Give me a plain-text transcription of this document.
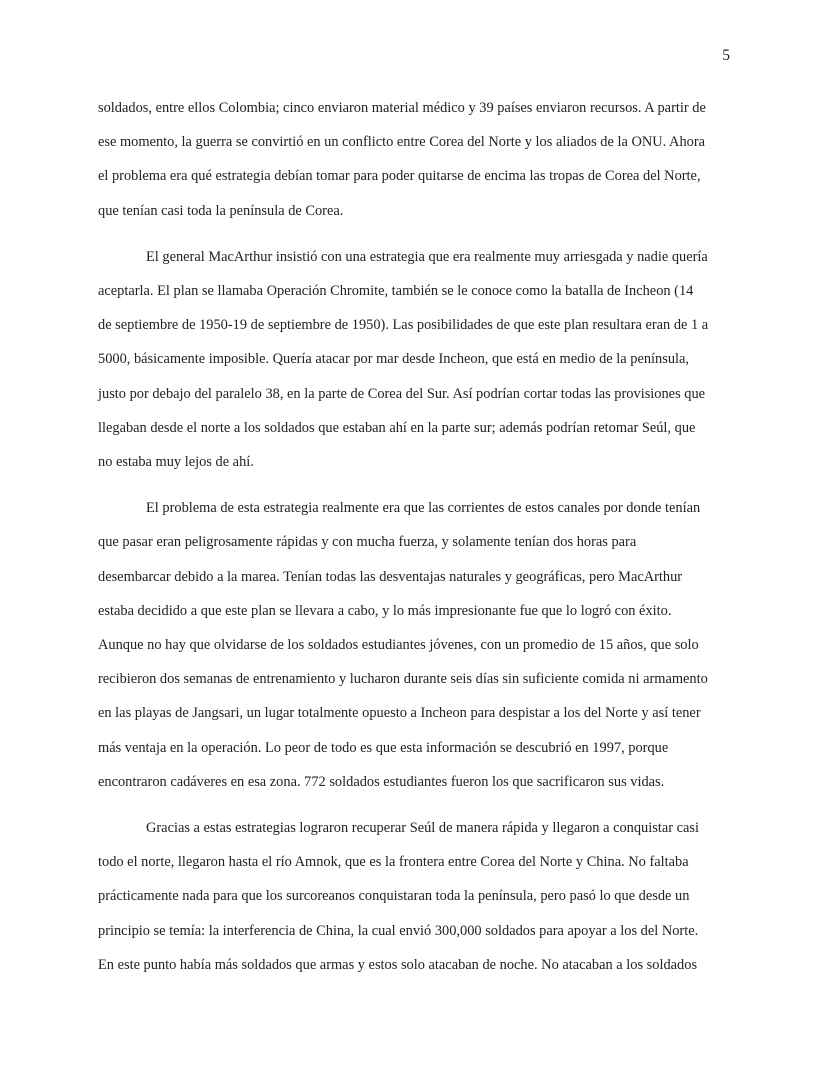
5
soldados, entre ellos Colombia; cinco enviaron material médico y 39 países enviaron recursos. A partir de
ese momento, la guerra se convirtió en un conflicto entre Corea del Norte y los aliados de la ONU. Ahora
el problema era qué estrategia debían tomar para poder quitarse de encima las tropas de Corea del Norte,
que tenían casi toda la península de Corea.
El general MacArthur insistió con una estrategia que era realmente muy arriesgada y nadie quería
aceptarla. El plan se llamaba Operación Chromite, también se le conoce como la batalla de Incheon (14
de septiembre de 1950-19 de septiembre de 1950). Las posibilidades de que este plan resultara eran de 1 a
5000, básicamente imposible. Quería atacar por mar desde Incheon, que está en medio de la península,
justo por debajo del paralelo 38, en la parte de Corea del Sur. Así podrían cortar todas las provisiones que
llegaban desde el norte a los soldados que estaban ahí en la parte sur; además podrían retomar Seúl, que
no estaba muy lejos de ahí.
El problema de esta estrategia realmente era que las corrientes de estos canales por donde tenían
que pasar eran peligrosamente rápidas y con mucha fuerza, y solamente tenían dos horas para
desembarcar debido a la marea. Tenían todas las desventajas naturales y geográficas, pero MacArthur
estaba decidido a que este plan se llevara a cabo, y lo más impresionante fue que lo logró con éxito.
Aunque no hay que olvidarse de los soldados estudiantes jóvenes, con un promedio de 15 años, que solo
recibieron dos semanas de entrenamiento y lucharon durante seis días sin suficiente comida ni armamento
en las playas de Jangsari, un lugar totalmente opuesto a Incheon para despistar a los del Norte y así tener
más ventaja en la operación. Lo peor de todo es que esta información se descubrió en 1997, porque
encontraron cadáveres en esa zona. 772 soldados estudiantes fueron los que sacrificaron sus vidas.
Gracias a estas estrategias lograron recuperar Seúl de manera rápida y llegaron a conquistar casi
todo el norte, llegaron hasta el río Amnok, que es la frontera entre Corea del Norte y China. No faltaba
prácticamente nada para que los surcoreanos conquistaran toda la península, pero pasó lo que desde un
principio se temía: la interferencia de China, la cual envió 300,000 soldados para apoyar a los del Norte.
En este punto había más soldados que armas y estos solo atacaban de noche. No atacaban a los soldados
